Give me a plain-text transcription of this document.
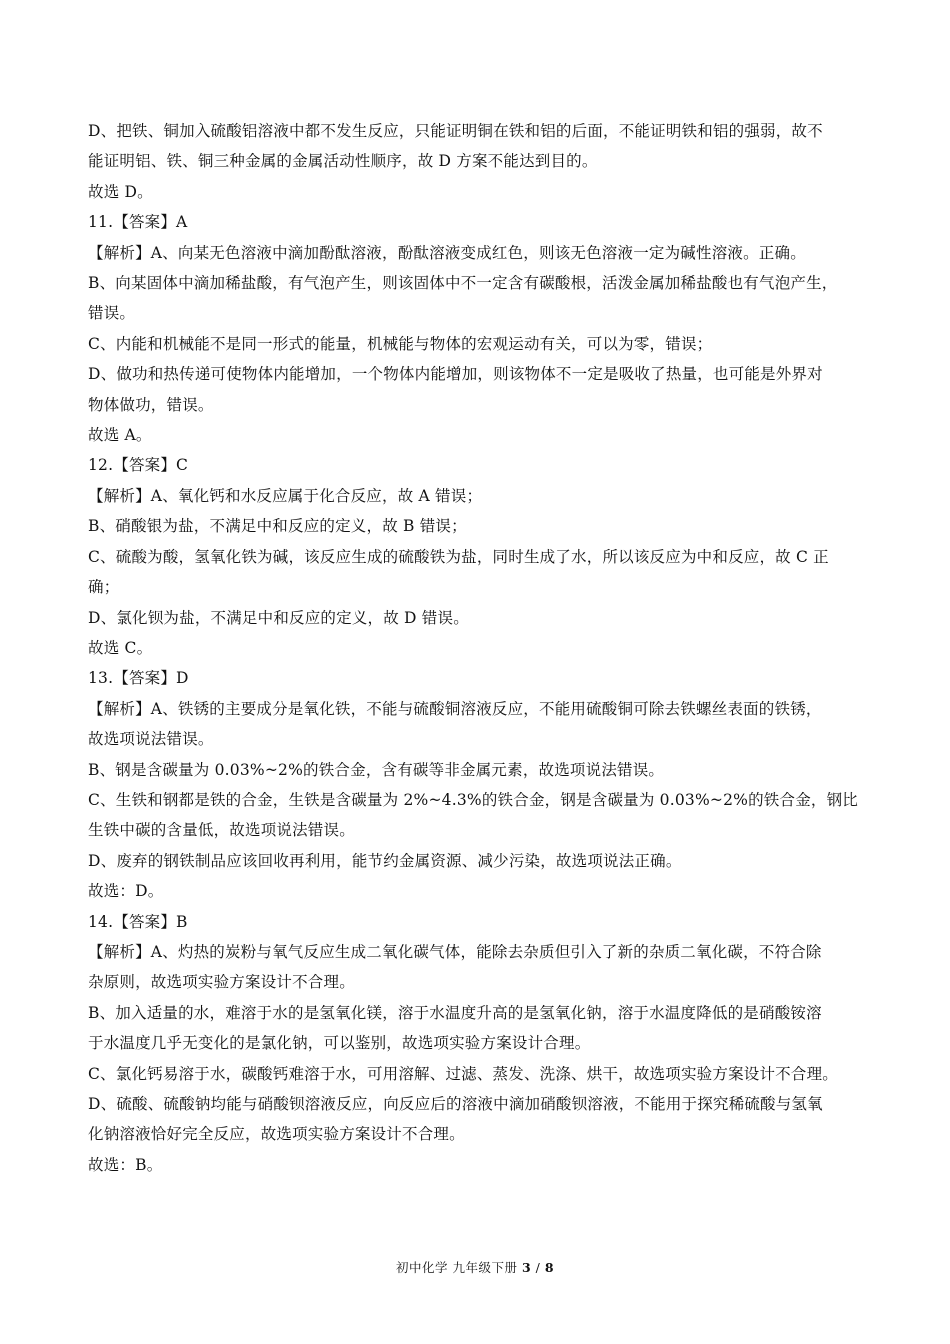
D、把铁、铜加入硫酸铝溶液中都不发生反应，只能证明铜在铁和铝的后面，不能证明铁和铝的强弱，故不
能证明铝、铁、铜三种金属的金属活动性顺序，故 D 方案不能达到目的。
故选 D。
11.【答案】A
【解析】A、向某无色溶液中滴加酚酞溶液，酚酞溶液变成红色，则该无色溶液一定为碱性溶液。正确。
B、向某固体中滴加稀盐酸，有气泡产生，则该固体中不一定含有碳酸根，活泼金属加稀盐酸也有气泡产生，
错误。
C、内能和机械能不是同一形式的能量，机械能与物体的宏观运动有关，可以为零，错误；
D、做功和热传递可使物体内能增加，一个物体内能增加，则该物体不一定是吸收了热量，也可能是外界对
物体做功，错误。
故选 A。
12.【答案】C
【解析】A、氧化钙和水反应属于化合反应，故 A 错误；
B、硝酸银为盐，不满足中和反应的定义，故 B 错误；
C、硫酸为酸，氢氧化铁为碱，该反应生成的硫酸铁为盐，同时生成了水，所以该反应为中和反应，故 C 正
确；
D、氯化钡为盐，不满足中和反应的定义，故 D 错误。
故选 C。
13.【答案】D
【解析】A、铁锈的主要成分是氧化铁，不能与硫酸铜溶液反应，不能用硫酸铜可除去铁螺丝表面的铁锈，
故选项说法错误。
B、钢是含碳量为 0.03%~2%的铁合金，含有碳等非金属元素，故选项说法错误。
C、生铁和钢都是铁的合金，生铁是含碳量为 2%~4.3%的铁合金，钢是含碳量为 0.03%~2%的铁合金，钢比
生铁中碳的含量低，故选项说法错误。
D、废弃的钢铁制品应该回收再利用，能节约金属资源、减少污染，故选项说法正确。
故选：D。
14.【答案】B
【解析】A、灼热的炭粉与氧气反应生成二氧化碳气体，能除去杂质但引入了新的杂质二氧化碳，不符合除
杂原则，故选项实验方案设计不合理。
B、加入适量的水，难溶于水的是氢氧化镁，溶于水温度升高的是氢氧化钠，溶于水温度降低的是硝酸铵溶
于水温度几乎无变化的是氯化钠，可以鉴别，故选项实验方案设计合理。
C、氯化钙易溶于水，碳酸钙难溶于水，可用溶解、过滤、蒸发、洗涤、烘干，故选项实验方案设计不合理。
D、硫酸、硫酸钠均能与硝酸钡溶液反应，向反应后的溶液中滴加硝酸钡溶液，不能用于探究稀硫酸与氢氧
化钠溶液恰好完全反应，故选项实验方案设计不合理。
故选：B。
初中化学 九年级下册 3 / 8
